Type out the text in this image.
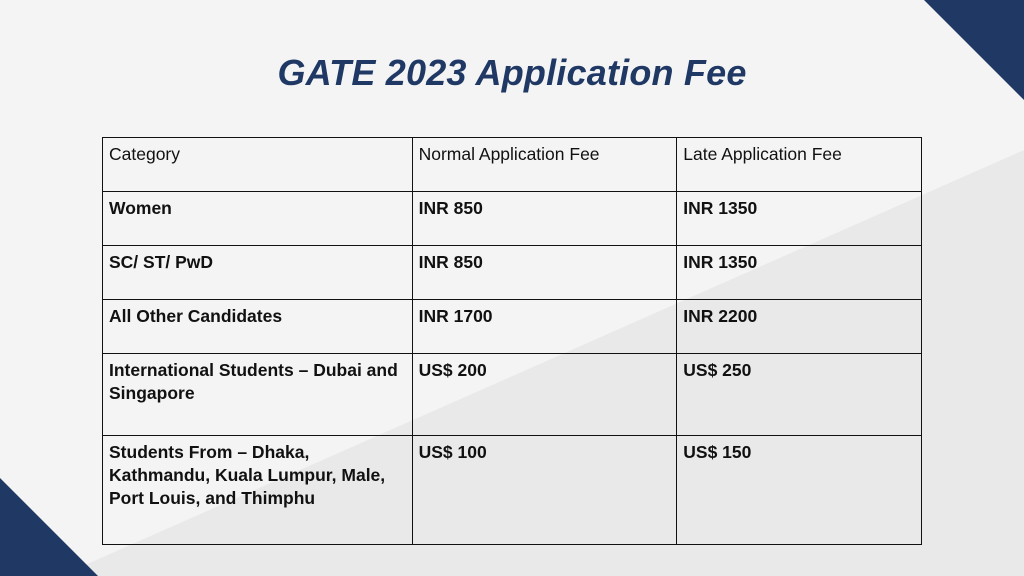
GATE 2023 Application Fee
Category	Normal Application Fee	Late Application Fee
Women	INR 850	INR 1350
SC/ ST/ PwD	INR 850	INR 1350
All Other Candidates	INR 1700	INR 2200
International Students – Dubai and Singapore	US$ 200	US$ 250
Students From – Dhaka, Kathmandu, Kuala Lumpur, Male, Port Louis, and Thimphu	US$ 100	US$ 150
